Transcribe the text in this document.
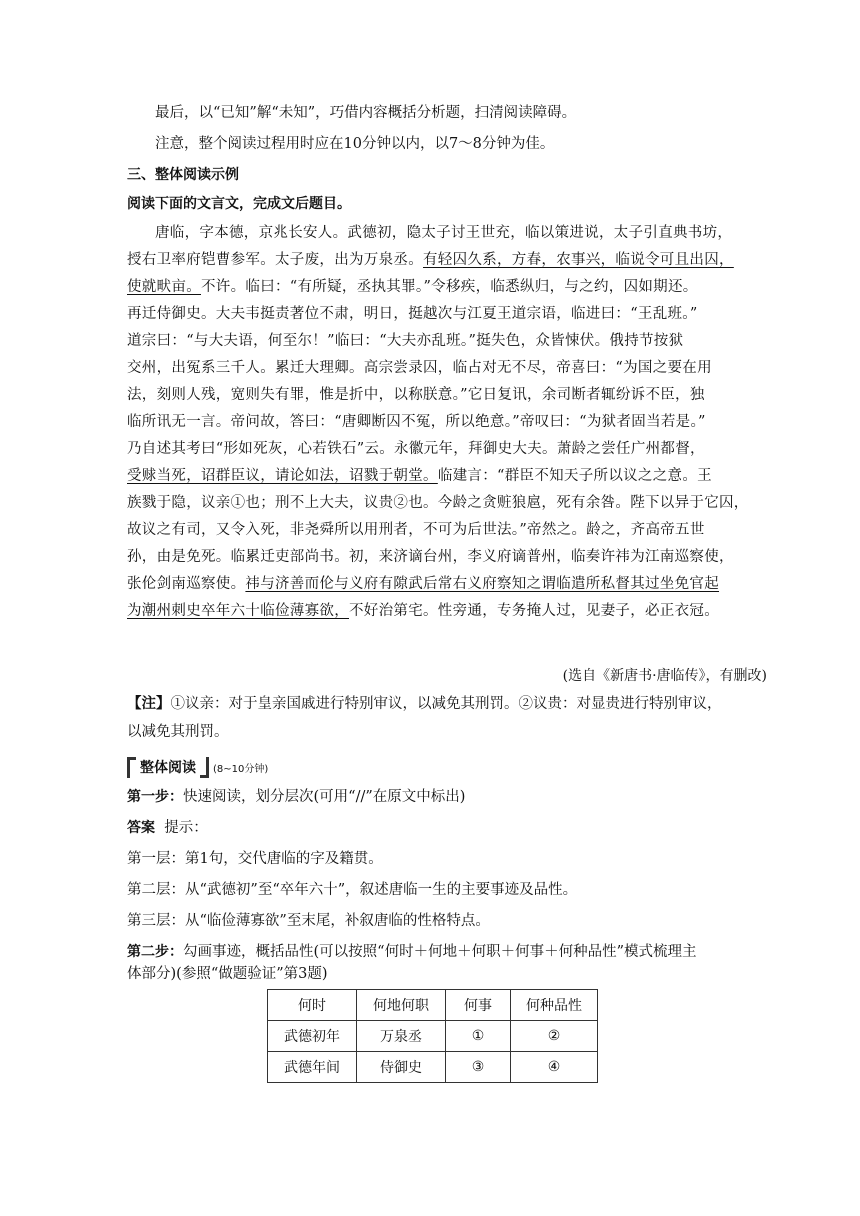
最后，以“已知”解“未知”，巧借内容概括分析题，扫清阅读障碍。
注意，整个阅读过程用时应在10分钟以内，以7～8分钟为佳。
三、整体阅读示例
阅读下面的文言文，完成文后题目。
唐临，字本德，京兆长安人。武德初，隐太子讨王世充，临以策进说，太子引直典书坊，
授右卫率府铠曹参军。太子废，出为万泉丞。有轻囚久系，方春，农事兴，临说令可且出囚，
使就畎亩。不许。临曰：“有所疑，丞执其罪。”令移疾，临悉纵归，与之约，囚如期还。
再迁侍御史。大夫韦挺责著位不肃，明日，挺越次与江夏王道宗语，临进曰：“王乱班。”
道宗曰：“与大夫语，何至尔！”临曰：“大夫亦乱班。”挺失色，众皆悚伏。俄持节按狱
交州，出冤系三千人。累迁大理卿。高宗尝录囚，临占对无不尽，帝喜曰：“为国之要在用
法，刻则人残，宽则失有罪，惟是折中，以称朕意。”它日复讯，余司断者辄纷诉不臣，独
临所讯无一言。帝问故，答曰：“唐卿断囚不冤，所以绝意。”帝叹曰：“为狱者固当若是。”
乃自述其考曰“形如死灰，心若铁石”云。永徽元年，拜御史大夫。萧龄之尝任广州都督，
受赇当死，诏群臣议，请论如法，诏戮于朝堂。临建言：“群臣不知天子所以议之之意。王
族戮于隐，议亲①也；刑不上大夫，议贵②也。今龄之贪赃狼扈，死有余咎。陛下以异于它囚，
故议之有司，又令入死，非尧舜所以用刑者，不可为后世法。”帝然之。龄之，齐高帝五世
孙，由是免死。临累迁吏部尚书。初，来济谪台州，李义府谪普州，临奏许祎为江南巡察使，
张伦剑南巡察使。祎与济善而伦与义府有隙武后常右义府察知之谓临遣所私督其过坐免官起
为潮州刺史卒年六十临俭薄寡欲，不好治第宅。性旁通，专务掩人过，见妻子，必正衣冠。
(选自《新唐书·唐临传》，有删改)
【注】①议亲：对于皇亲国戚进行特别审议，以减免其刑罚。②议贵：对显贵进行特别审议，
以减免其刑罚。
整体阅读 (8~10分钟)
第一步：快速阅读，划分层次(可用“//”在原文中标出)
答案 提示：
第一层：第1句，交代唐临的字及籍贯。
第二层：从“武德初”至“卒年六十”，叙述唐临一生的主要事迹及品性。
第三层：从“临俭薄寡欲”至末尾，补叙唐临的性格特点。
第二步：勾画事迹，概括品性(可以按照“何时＋何地＋何职＋何事＋何种品性”模式梳理主
体部分)(参照“做题验证”第3题)
何时	何地何职	何事	何种品性
武德初年	万泉丞	①	②
武德年间	侍御史	③	④
